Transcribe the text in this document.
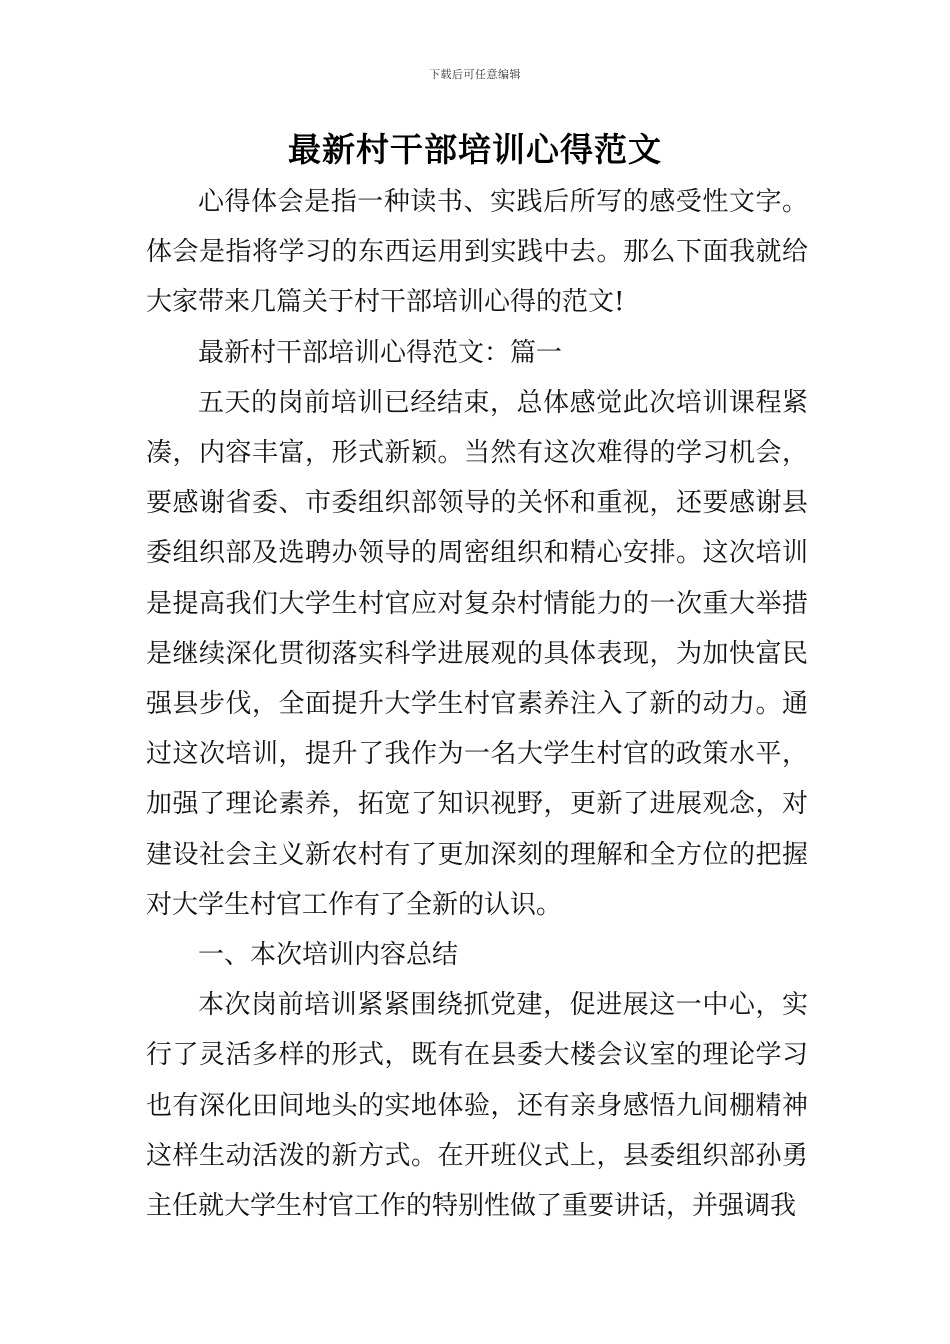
下载后可任意编辑
最新村干部培训心得范文

心得体会是指一种读书、实践后所写的感受性文字。体会是指将学习的东西运用到实践中去。那么下面我就给大家带来几篇关于村干部培训心得的范文!

最新村干部培训心得范文：篇一

五天的岗前培训已经结束，总体感觉此次培训课程紧凑，内容丰富，形式新颖。当然有这次难得的学习机会，要感谢省委、市委组织部领导的关怀和重视，还要感谢县委组织部及选聘办领导的周密组织和精心安排。这次培训是提高我们大学生村官应对复杂村情能力的一次重大举措是继续深化贯彻落实科学进展观的具体表现，为加快富民强县步伐，全面提升大学生村官素养注入了新的动力。通过这次培训，提升了我作为一名大学生村官的政策水平，加强了理论素养，拓宽了知识视野，更新了进展观念，对建设社会主义新农村有了更加深刻的理解和全方位的把握对大学生村官工作有了全新的认识。

一、本次培训内容总结

本次岗前培训紧紧围绕抓党建，促进展这一中心，实行了灵活多样的形式，既有在县委大楼会议室的理论学习也有深化田间地头的实地体验，还有亲身感悟九间棚精神这样生动活泼的新方式。在开班仪式上，县委组织部孙勇主任就大学生村官工作的特别性做了重要讲话，并强调我
